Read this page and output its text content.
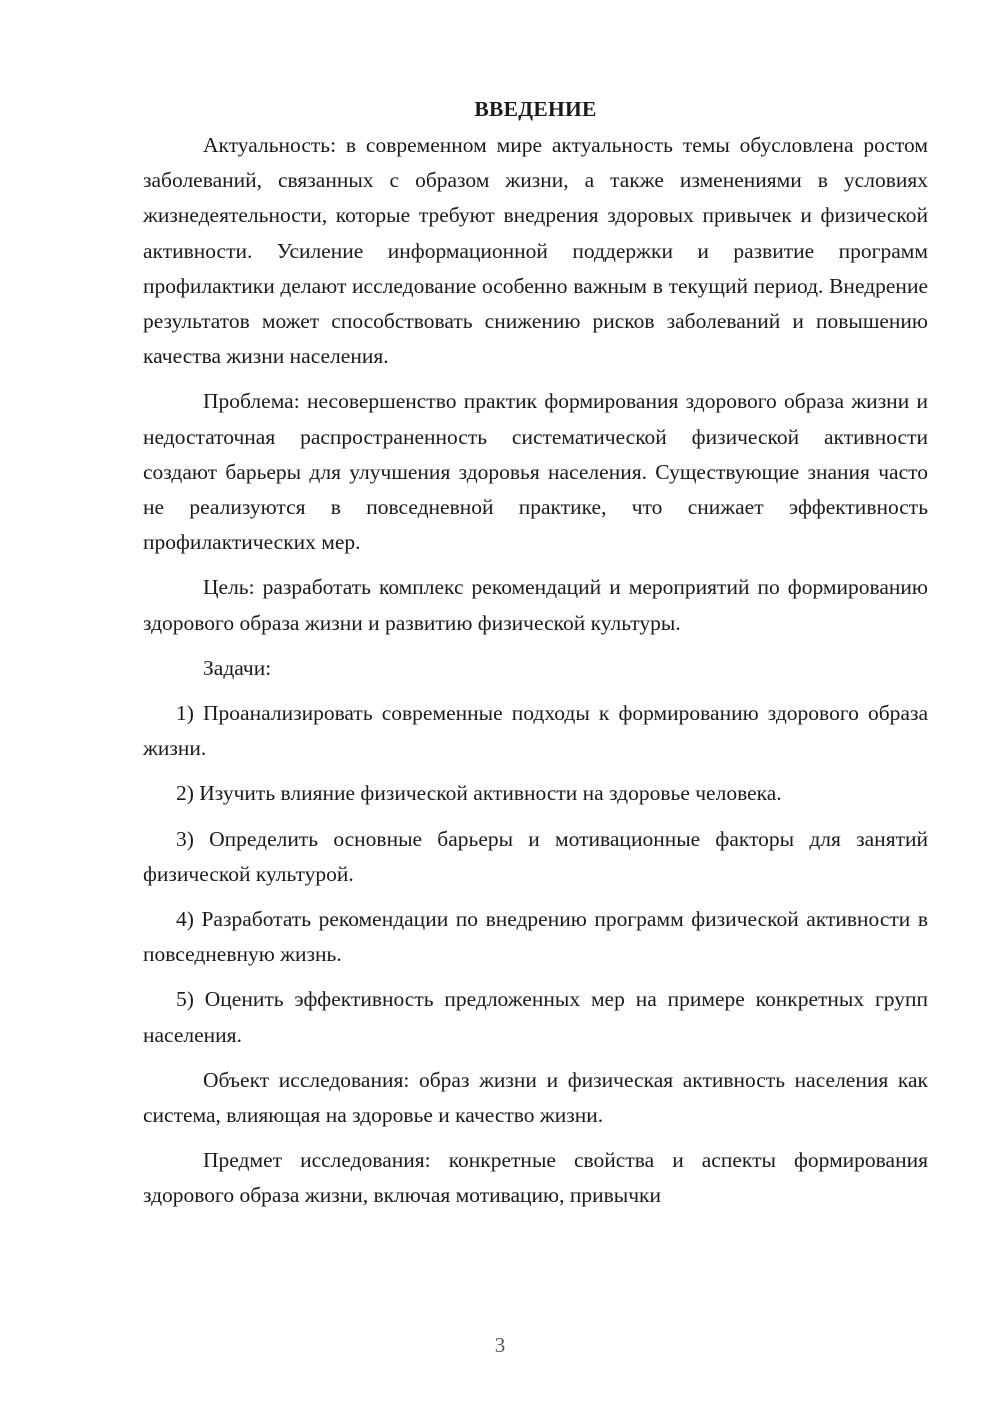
ВВЕДЕНИЕ

Актуальность: в современном мире актуальность темы обусловлена ростом заболеваний, связанных с образом жизни, а также изменениями в условиях жизнедеятельности, которые требуют внедрения здоровых привычек и физической активности. Усиление информационной поддержки и развитие программ профилактики делают исследование особенно важным в текущий период. Внедрение результатов может способствовать снижению рисков заболеваний и повышению качества жизни населения.

Проблема: несовершенство практик формирования здорового образа жизни и недостаточная распространенность систематической физической активности создают барьеры для улучшения здоровья населения. Существующие знания часто не реализуются в повседневной практике, что снижает эффективность профилактических мер.

Цель: разработать комплекс рекомендаций и мероприятий по формированию здорового образа жизни и развитию физической культуры.

Задачи:

1) Проанализировать современные подходы к формированию здорового образа жизни.

2) Изучить влияние физической активности на здоровье человека.

3) Определить основные барьеры и мотивационные факторы для занятий физической культурой.

4) Разработать рекомендации по внедрению программ физической активности в повседневную жизнь.

5) Оценить эффективность предложенных мер на примере конкретных групп населения.

Объект исследования: образ жизни и физическая активность населения как система, влияющая на здоровье и качество жизни.

Предмет исследования: конкретные свойства и аспекты формирования здорового образа жизни, включая мотивацию, привычки

3
